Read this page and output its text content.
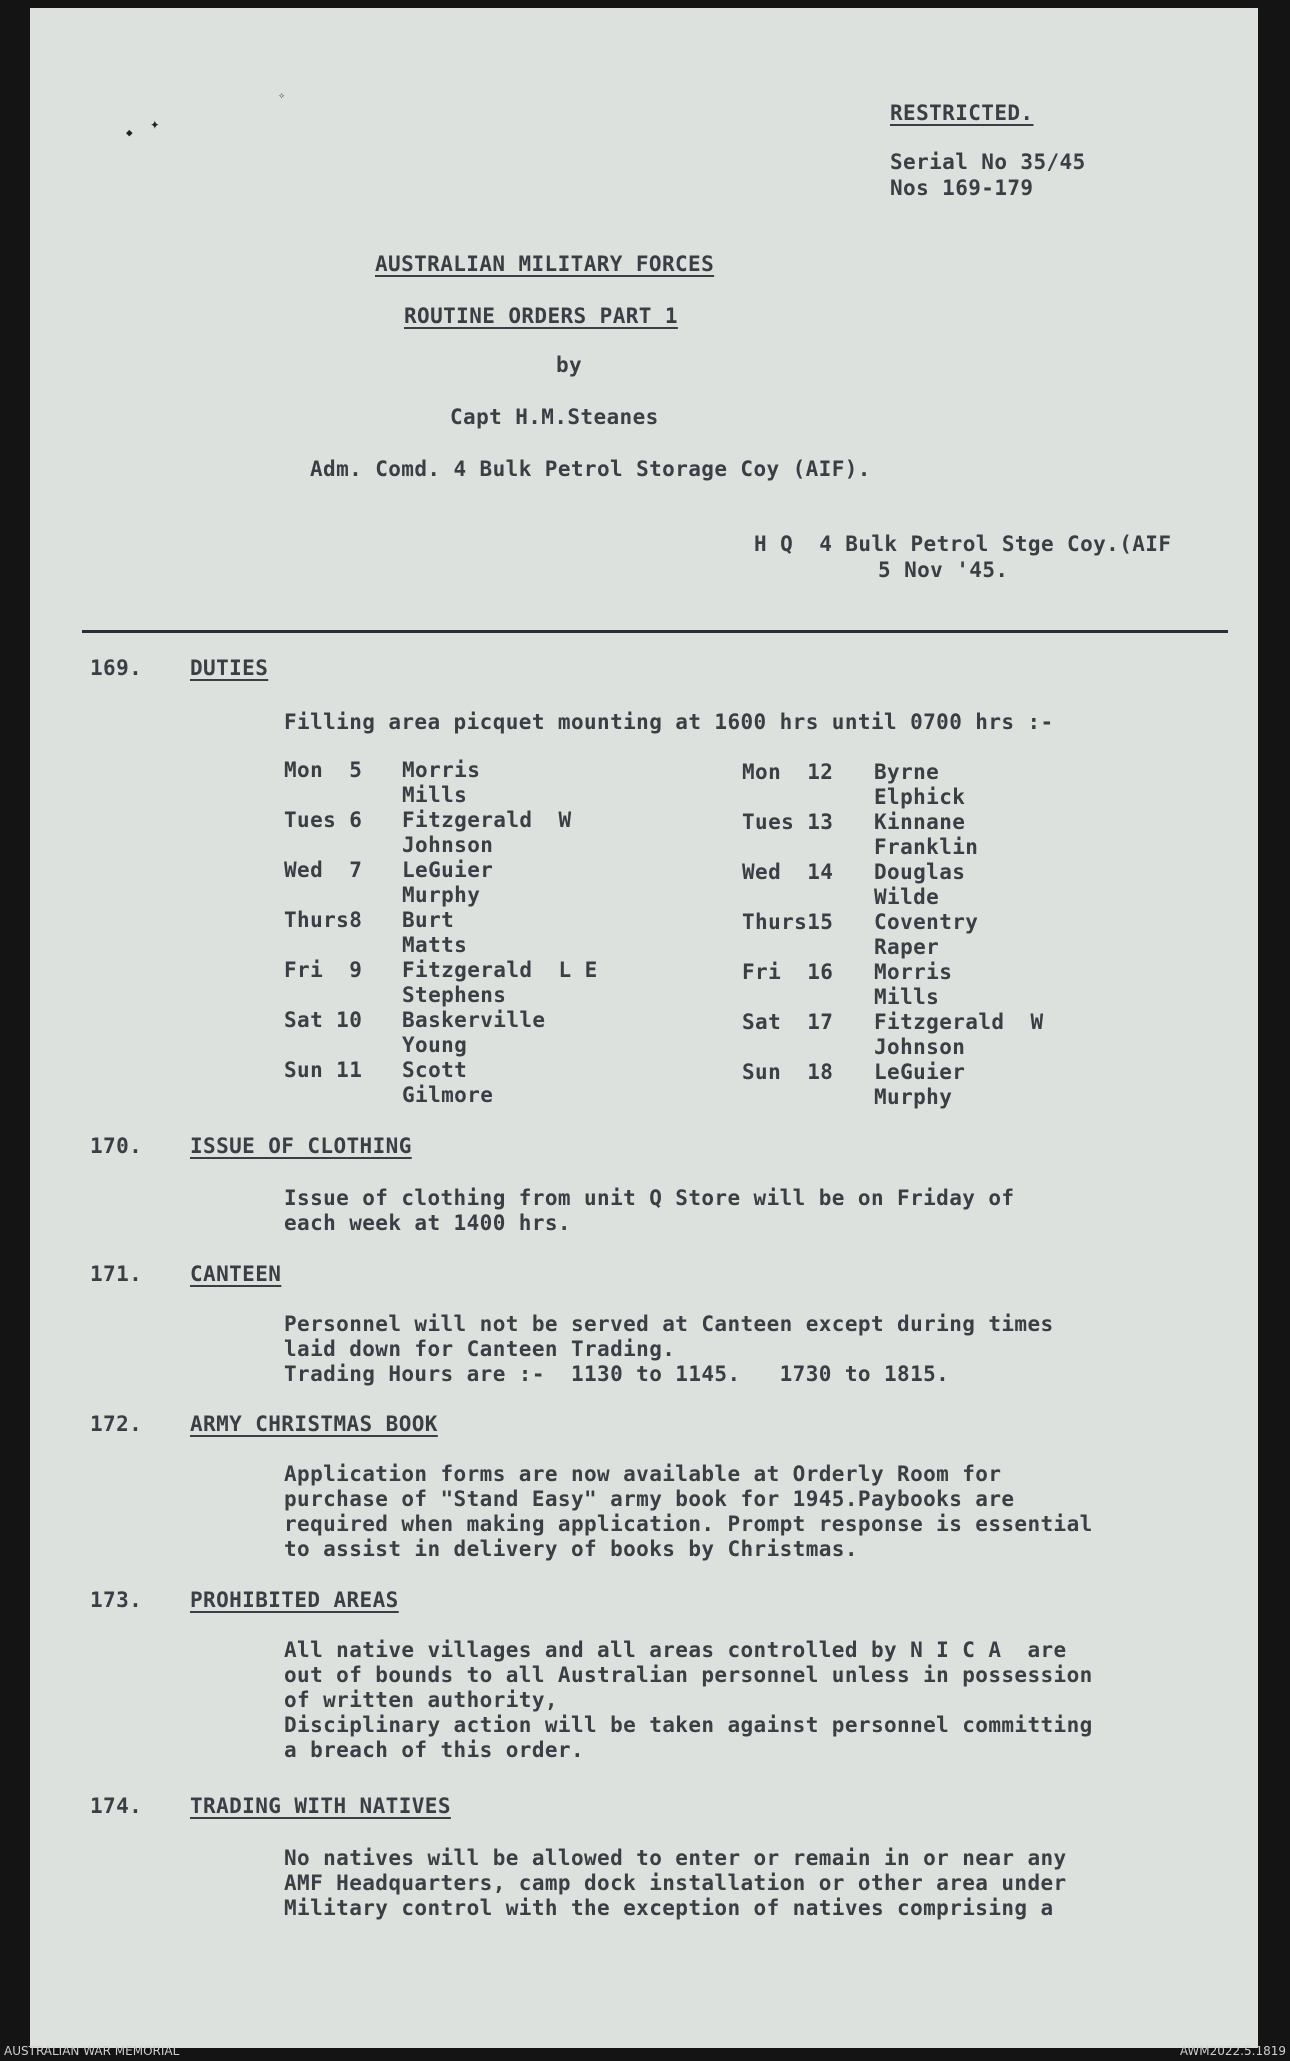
✦
◆
✧
RESTRICTED.
Serial No 35/45
Nos 169-179
AUSTRALIAN MILITARY FORCES
ROUTINE ORDERS PART 1
by
Capt H.M.Steanes
Adm. Comd. 4 Bulk Petrol Storage Coy (AIF).
H Q  4 Bulk Petrol Stge Coy.(AIF
5 Nov '45.
169. DUTIES
Filling area picquet mounting at 1600 hrs until 0700 hrs :-
Mon  5 Morris
Mills
Tues 6 Fitzgerald  W
Johnson
Wed  7 LeGuier
Murphy
Thurs8 Burt
Matts
Fri  9 Fitzgerald  L E
Stephens
Sat 10 Baskerville
Young
Sun 11 Scott
Gilmore
Mon  12 Byrne
Elphick
Tues 13 Kinnane
Franklin
Wed  14 Douglas
Wilde
Thurs15 Coventry
Raper
Fri  16 Morris
Mills
Sat  17 Fitzgerald  W
Johnson
Sun  18 LeGuier
Murphy
170. ISSUE OF CLOTHING
Issue of clothing from unit Q Store will be on Friday of
each week at 1400 hrs.
171. CANTEEN
Personnel will not be served at Canteen except during times
laid down for Canteen Trading.
Trading Hours are :-  1130 to 1145.   1730 to 1815.
172. ARMY CHRISTMAS BOOK
Application forms are now available at Orderly Room for
purchase of "Stand Easy" army book for 1945.Paybooks are
required when making application. Prompt response is essential
to assist in delivery of books by Christmas.
173. PROHIBITED AREAS
All native villages and all areas controlled by N I C A  are
out of bounds to all Australian personnel unless in possession
of written authority,
Disciplinary action will be taken against personnel committing
a breach of this order.
174. TRADING WITH NATIVES
No natives will be allowed to enter or remain in or near any
AMF Headquarters, camp dock installation or other area under
Military control with the exception of natives comprising a
AUSTRALIAN WAR MEMORIAL	AWM2022.5.1819
